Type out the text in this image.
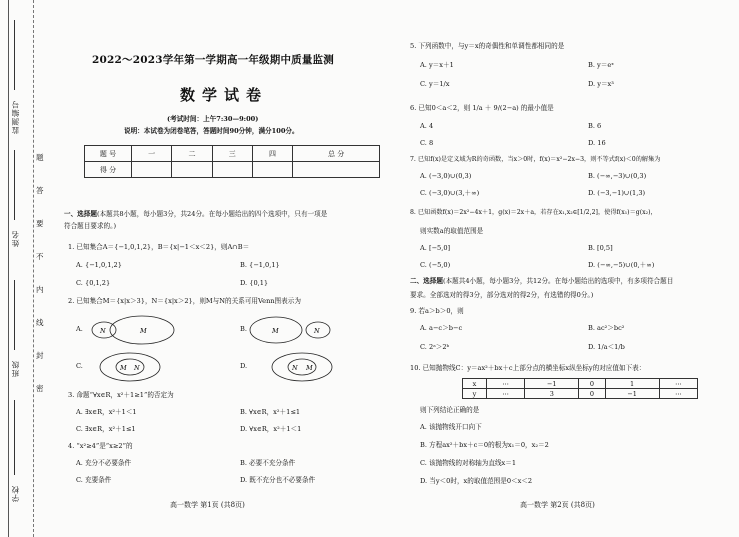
监测编号
姓名
班级
学校
题
答
要
不
内
线
封
密
2022～2023学年第一学期高一年级期中质量监测
数学试卷
(考试时间：上午7:30—9:00)
说明：本试卷为闭卷笔答，答题时间90分钟，满分100分。
题 号	一	二	三	四	总 分
得 分					
一、选择题(本题共8小题，每小题3分，共24分。在每小题给出的四个选项中，只有一项是
符合题目要求的。)
1. 已知集合A＝{−1,0,1,2}，B＝{x|−1＜x＜2}，则A∩B＝
A. {−1,0,1,2}	B. {−1,0,1}
C. {0,1,2}	D. {0,1}
2. 已知集合M＝{x|x＞3}，N＝{x|x＞2}，则M与N的关系可用Venn图表示为
A.	N	M	B.	M	N
C.	M N	D.	N M
3. 命题“∀x∈R，x²＋1≥1”的否定为
A. ∃x∈R，x²＋1＜1	B. ∀x∈R，x²＋1≤1
C. ∃x∈R，x²＋1≤1	D. ∀x∈R，x²＋1＜1
4. “x²≥4”是“x≥2”的
A. 充分不必要条件	B. 必要不充分条件
C. 充要条件	D. 既不充分也不必要条件
高一数学 第1页 (共8页)
5. 下列函数中，与y＝x的奇偶性和单调性都相同的是
A. y＝x＋1	B. y＝eˣ
C. y＝1/x	D. y＝x³
6. 已知0＜a＜2，则 1/a ＋ 9/(2−a) 的最小值是
A. 4	B. 6
C. 8	D. 16
7. 已知f(x)是定义域为R的奇函数，当x＞0时，f(x)＝x²−2x−3，则不等式f(x)＜0的解集为
A. (−3,0)∪(0,3)	B. (−∞,−3)∪(0,3)
C. (−3,0)∪(3,＋∞)	D. (−3,−1)∪(1,3)
8. 已知函数f(x)＝2x²−4x＋1，g(x)＝2x＋a，若存在x₁,x₂∈[1/2,2]，使得f(x₁)＝g(x₂)，
则实数a的取值范围是
A. [−5,0]	B. [0,5]
C. (−5,0)	D. (−∞,−5)∪(0,＋∞)
二、选择题(本题共4小题，每小题3分，共12分。在每小题给出的选项中，有多项符合题目
要求。全部选对的得3分，部分选对的得2分，有选错的得0分。)
9. 若a＞b＞0，则
A. a−c＞b−c	B. ac²＞bc²
C. 2ᵃ＞2ᵇ	D. 1/a＜1/b
10. 已知抛物线C：y＝ax²＋bx＋c上部分点的横坐标x纵坐标y的对应值如下表：
x	⋯	−1	0	1	⋯
y	⋯	3	0	−1	⋯
则下列结论正确的是
A. 该抛物线开口向下
B. 方程ax²＋bx＋c＝0的根为x₁＝0，x₂＝2
C. 该抛物线的对称轴为直线x＝1
D. 当y＜0时，x的取值范围是0＜x＜2
高一数学 第2页 (共8页)
